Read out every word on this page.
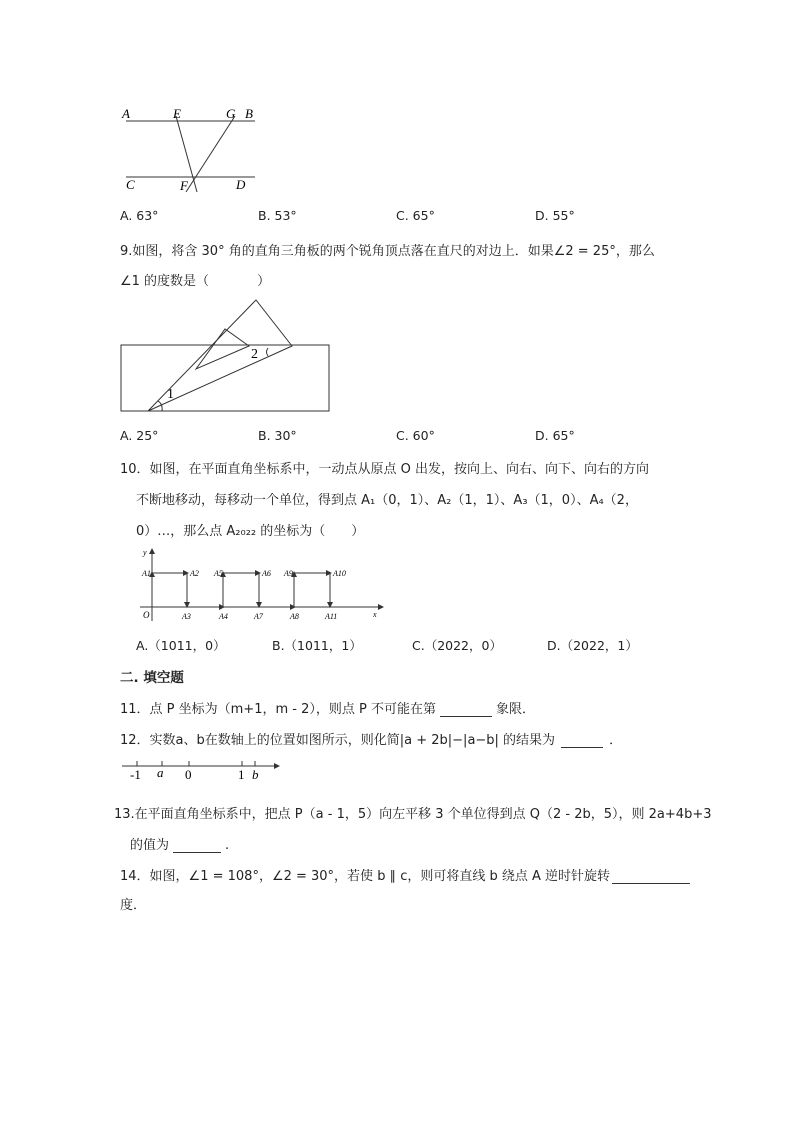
A	E	G B
C	F	D
A. 63°	B. 53°	C. 65°	D. 55°
9.如图，将含 30° 角的直角三角板的两个锐角顶点落在直尺的对边上．如果∠2 = 25°，那么
∠1 的度数是（	）
1
2
A. 25°	B. 30°	C. 60°	D. 65°
10．如图，在平面直角坐标系中，一动点从原点 O 出发，按向上、向右、向下、向右的方向
不断地移动，每移动一个单位，得到点 A₁（0，1）、A₂（1，1）、A₃（1，0）、A₄（2，
0）…，那么点 A₂₀₂₂ 的坐标为（　　）
y
x
O
A1	A2
A3	A4
A5	A6
A7	A8
A9	A10
A11
A.（1011，0）	B.（1011，1）	C.（2022，0）	D.（2022，1）
二. 填空题
11．点 P 坐标为（m+1，m - 2），则点 P 不可能在第	象限．
12．实数a、b在数轴上的位置如图所示，则化简|a + 2b|−|a−b| 的结果为	．
-1 a 0	1 b
13.在平面直角坐标系中，把点 P（a - 1，5）向左平移 3 个单位得到点 Q（2 - 2b，5），则 2a+4b+3
的值为	.
14．如图，∠1 = 108°，∠2 = 30°，若使 b ∥ c，则可将直线 b 绕点 A 逆时针旋转
度．
